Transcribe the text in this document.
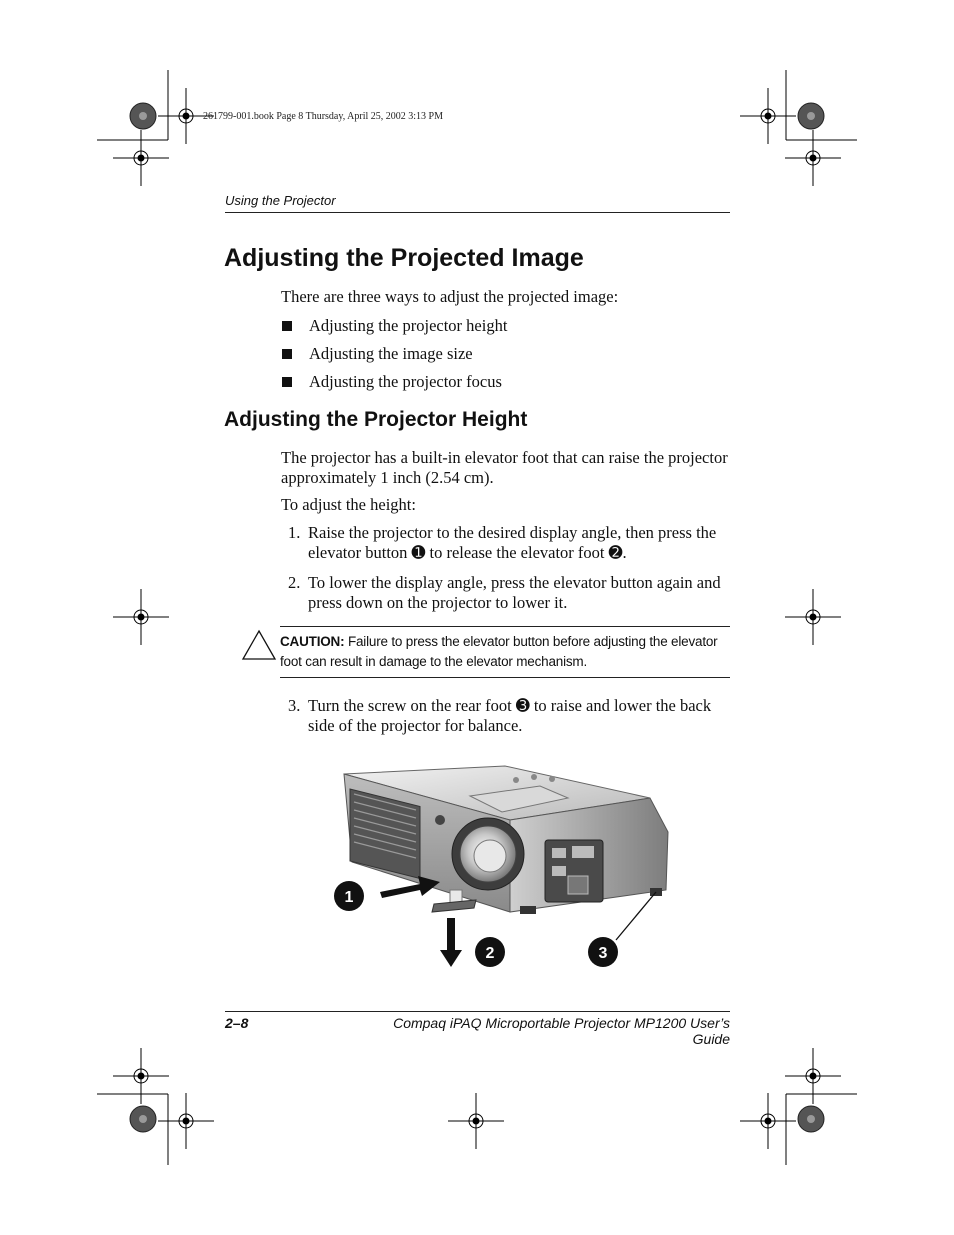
261799-001.book Page 8 Thursday, April 25, 2002 3:13 PM
Using the Projector
Adjusting the Projected Image
There are three ways to adjust the projected image:
Adjusting the projector height
Adjusting the image size
Adjusting the projector focus
Adjusting the Projector Height
The projector has a built-in elevator foot that can raise the projector approximately 1 inch (2.54 cm).
To adjust the height:
1. Raise the projector to the desired display angle, then press the elevator button ➊ to release the elevator foot ➋.
2. To lower the display angle, press the elevator button again and press down on the projector to lower it.
CAUTION: Failure to press the elevator button before adjusting the elevator foot can result in damage to the elevator mechanism.
3. Turn the screw on the rear foot ➌ to raise and lower the back side of the projector for balance.
1
2	3
2–8	Compaq iPAQ Microportable Projector MP1200 User’s Guide
